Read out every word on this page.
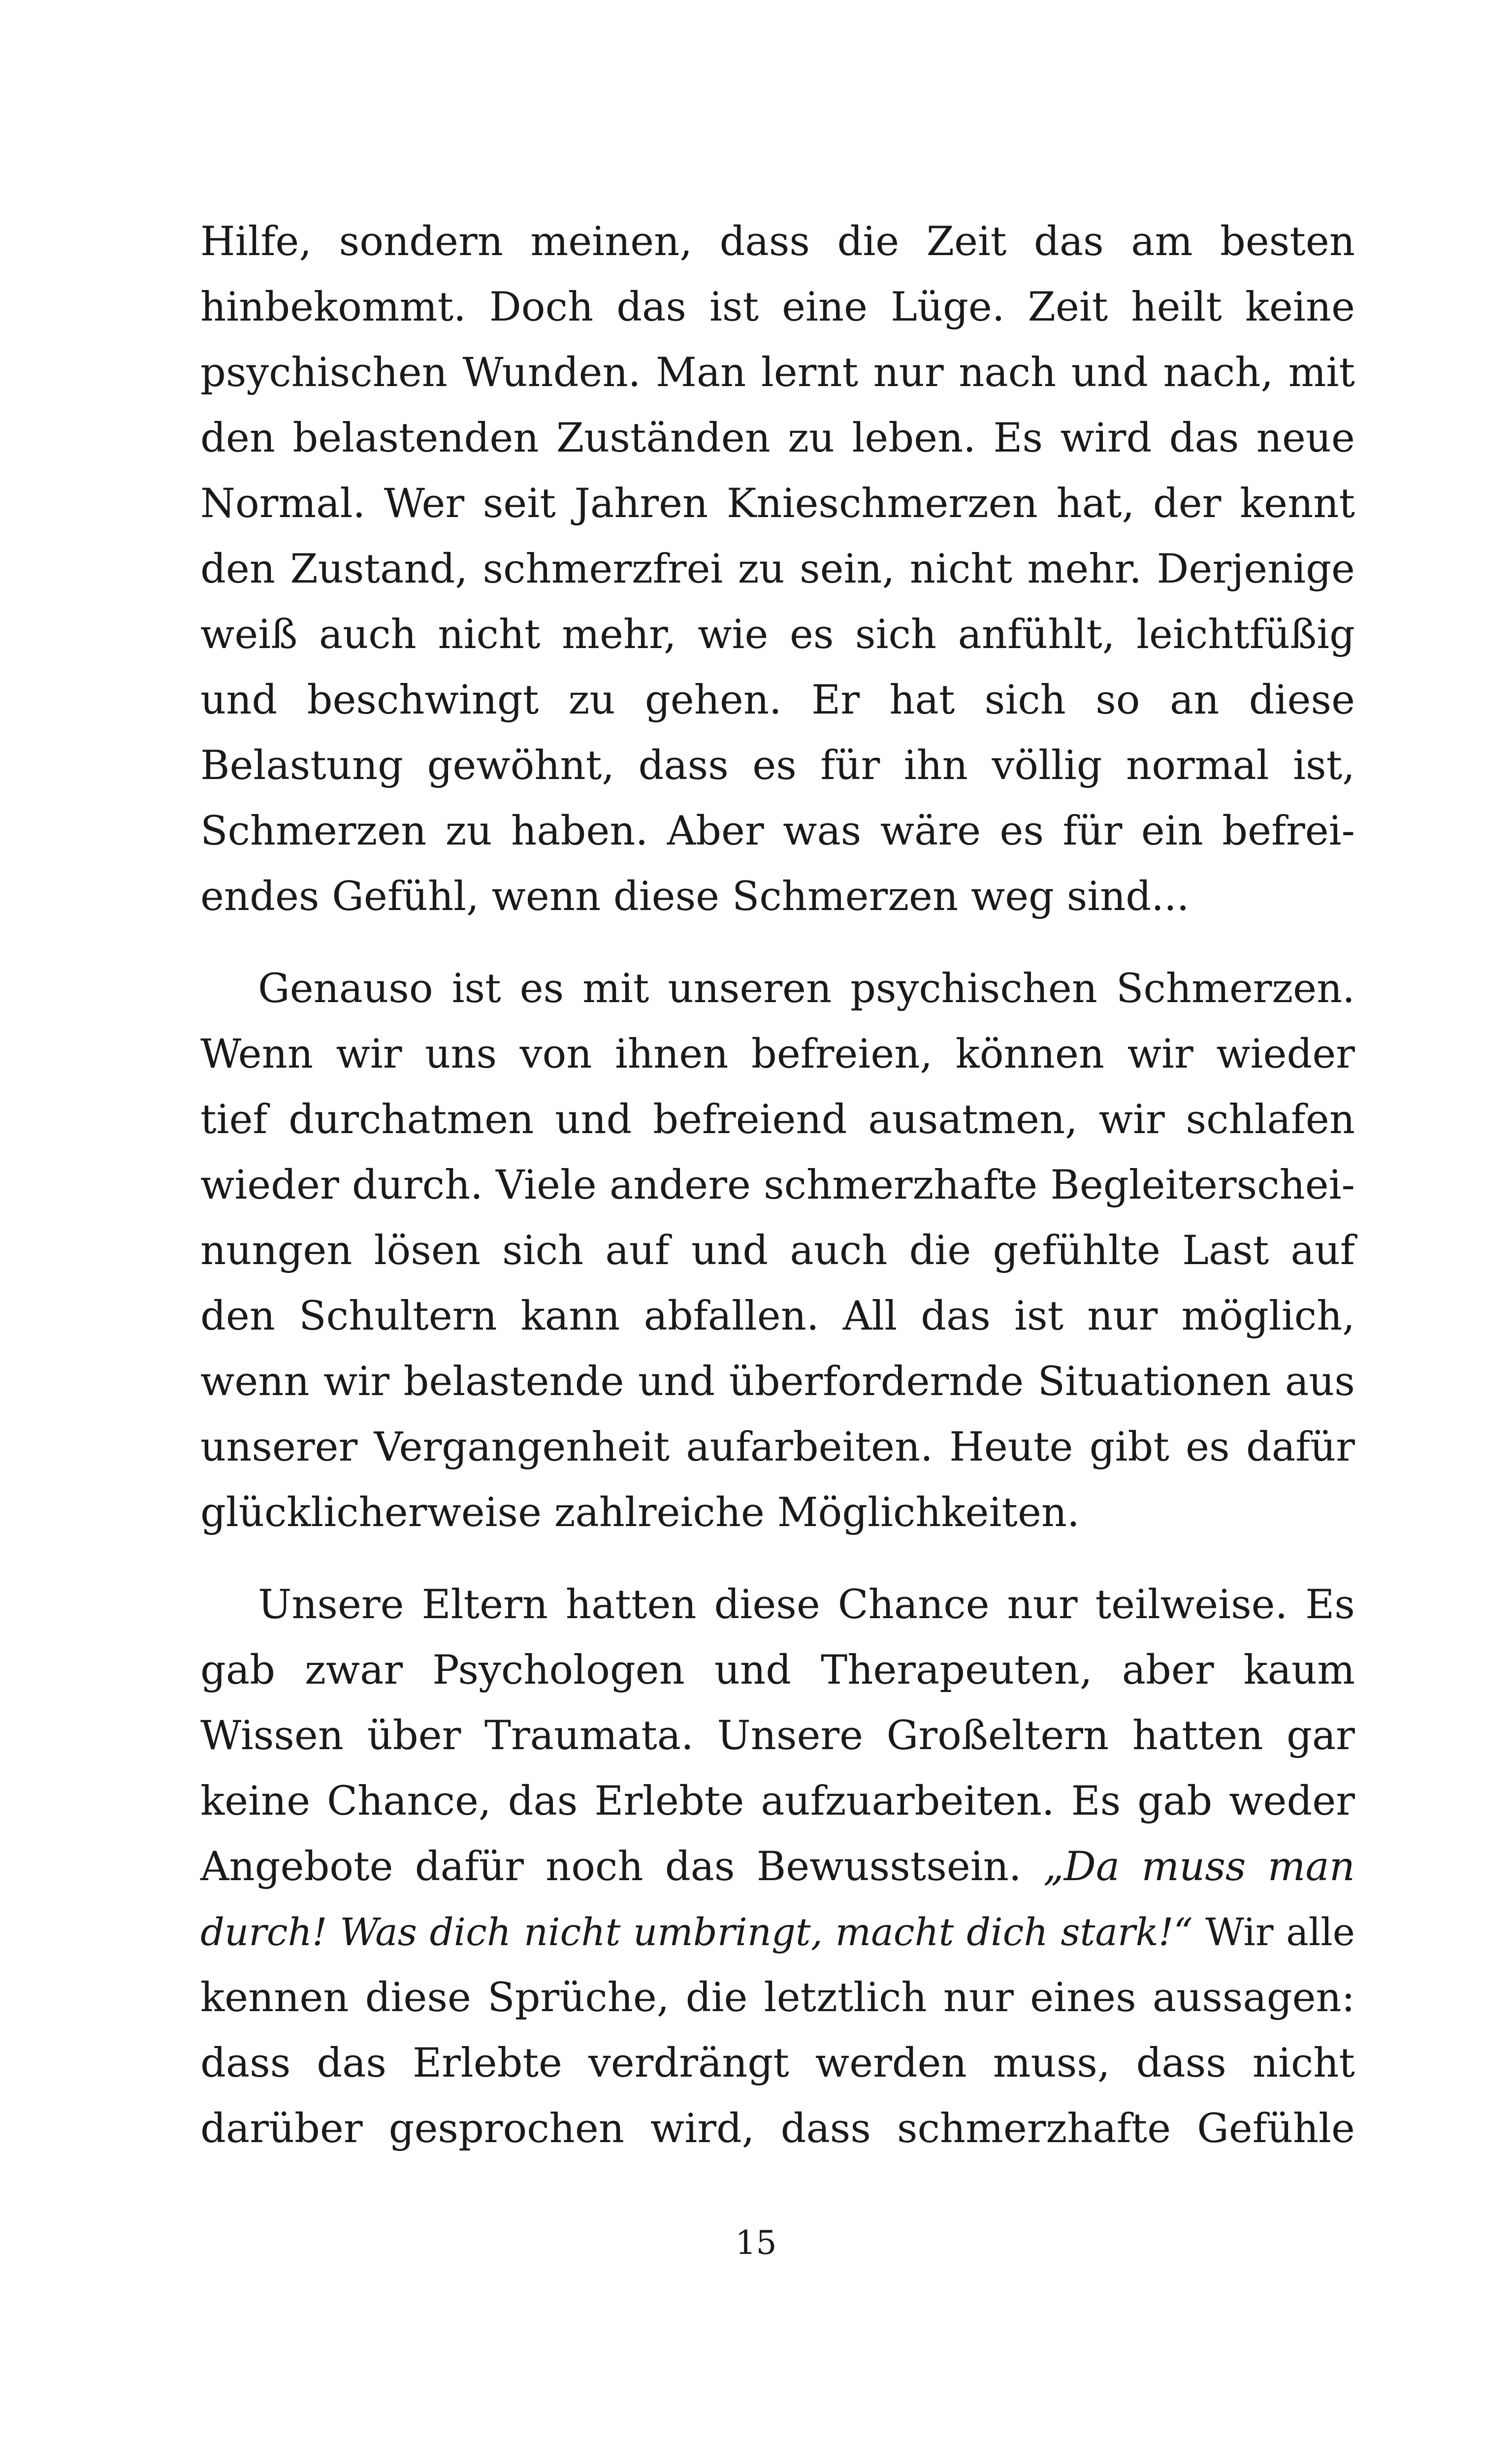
Hilfe, sondern meinen, dass die Zeit das am besten
hinbekommt. Doch das ist eine Lüge. Zeit heilt keine
psychischen Wunden. Man lernt nur nach und nach, mit
den belastenden Zuständen zu leben. Es wird das neue
Normal. Wer seit Jahren Knieschmerzen hat, der kennt
den Zustand, schmerzfrei zu sein, nicht mehr. Derjenige
weiß auch nicht mehr, wie es sich anfühlt, leichtfüßig
und beschwingt zu gehen. Er hat sich so an diese
Belastung gewöhnt, dass es für ihn völlig normal ist,
Schmerzen zu haben. Aber was wäre es für ein befrei-
endes Gefühl, wenn diese Schmerzen weg sind...

Genauso ist es mit unseren psychischen Schmerzen.
Wenn wir uns von ihnen befreien, können wir wieder
tief durchatmen und befreiend ausatmen, wir schlafen
wieder durch. Viele andere schmerzhafte Begleiterschei-
nungen lösen sich auf und auch die gefühlte Last auf
den Schultern kann abfallen. All das ist nur möglich,
wenn wir belastende und überfordernde Situationen aus
unserer Vergangenheit aufarbeiten. Heute gibt es dafür
glücklicherweise zahlreiche Möglichkeiten.

Unsere Eltern hatten diese Chance nur teilweise. Es
gab zwar Psychologen und Therapeuten, aber kaum
Wissen über Traumata. Unsere Großeltern hatten gar
keine Chance, das Erlebte aufzuarbeiten. Es gab weder
Angebote dafür noch das Bewusstsein. „Da muss man
durch! Was dich nicht umbringt, macht dich stark!“ Wir alle
kennen diese Sprüche, die letztlich nur eines aussagen:
dass das Erlebte verdrängt werden muss, dass nicht
darüber gesprochen wird, dass schmerzhafte Gefühle

15
